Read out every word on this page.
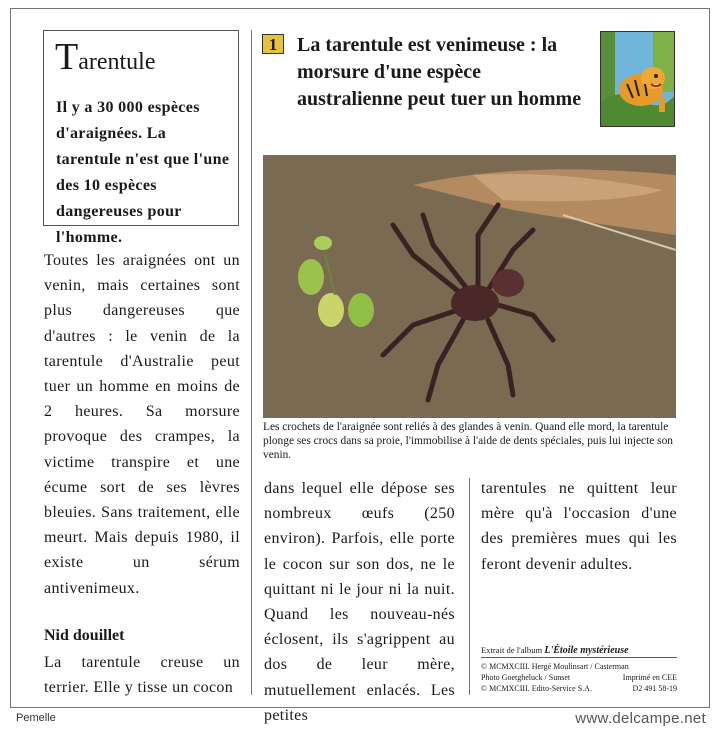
Tarentule
Il y a 30 000 espèces d'araignées. La tarentule n'est que l'une des 10 espèces dangereuses pour l'homme.
Toutes les araignées ont un venin, mais certaines sont plus dangereuses que d'autres : le venin de la tarentule d'Australie peut tuer un homme en moins de 2 heures. Sa morsure provoque des crampes, la victime transpire et une écume sort de ses lèvres bleuies. Sans traitement, elle meurt. Mais depuis 1980, il existe un sérum antivenimeux.
Nid douillet
La tarentule creuse un terrier. Elle y tisse un cocon
1 La tarentule est venimeuse : la morsure d'une espèce australienne peut tuer un homme
Les crochets de l'araignée sont reliés à des glandes à venin. Quand elle mord, la tarentule plonge ses crocs dans sa proie, l'immobilise à l'aide de dents spéciales, puis lui injecte son venin.
dans lequel elle dépose ses nombreux œufs (250 environ). Parfois, elle porte le cocon sur son dos, ne le quittant ni le jour ni la nuit. Quand les nouveau-nés éclosent, ils s'agrippent au dos de leur mère, mutuellement enlacés. Les petites
tarentules ne quittent leur mère qu'à l'occasion d'une des premières mues qui les feront devenir adultes.
Extrait de l'album L'Étoile mystérieuse
© MCMXCIII. Hergé Moulinsart / Casterman
Photo Goetgheluck / Sunset
© MCMXCIII. Edito-Service S.A.
Imprimé en CEE
D2 491 58-19
Pemelle	www.delcampe.net
